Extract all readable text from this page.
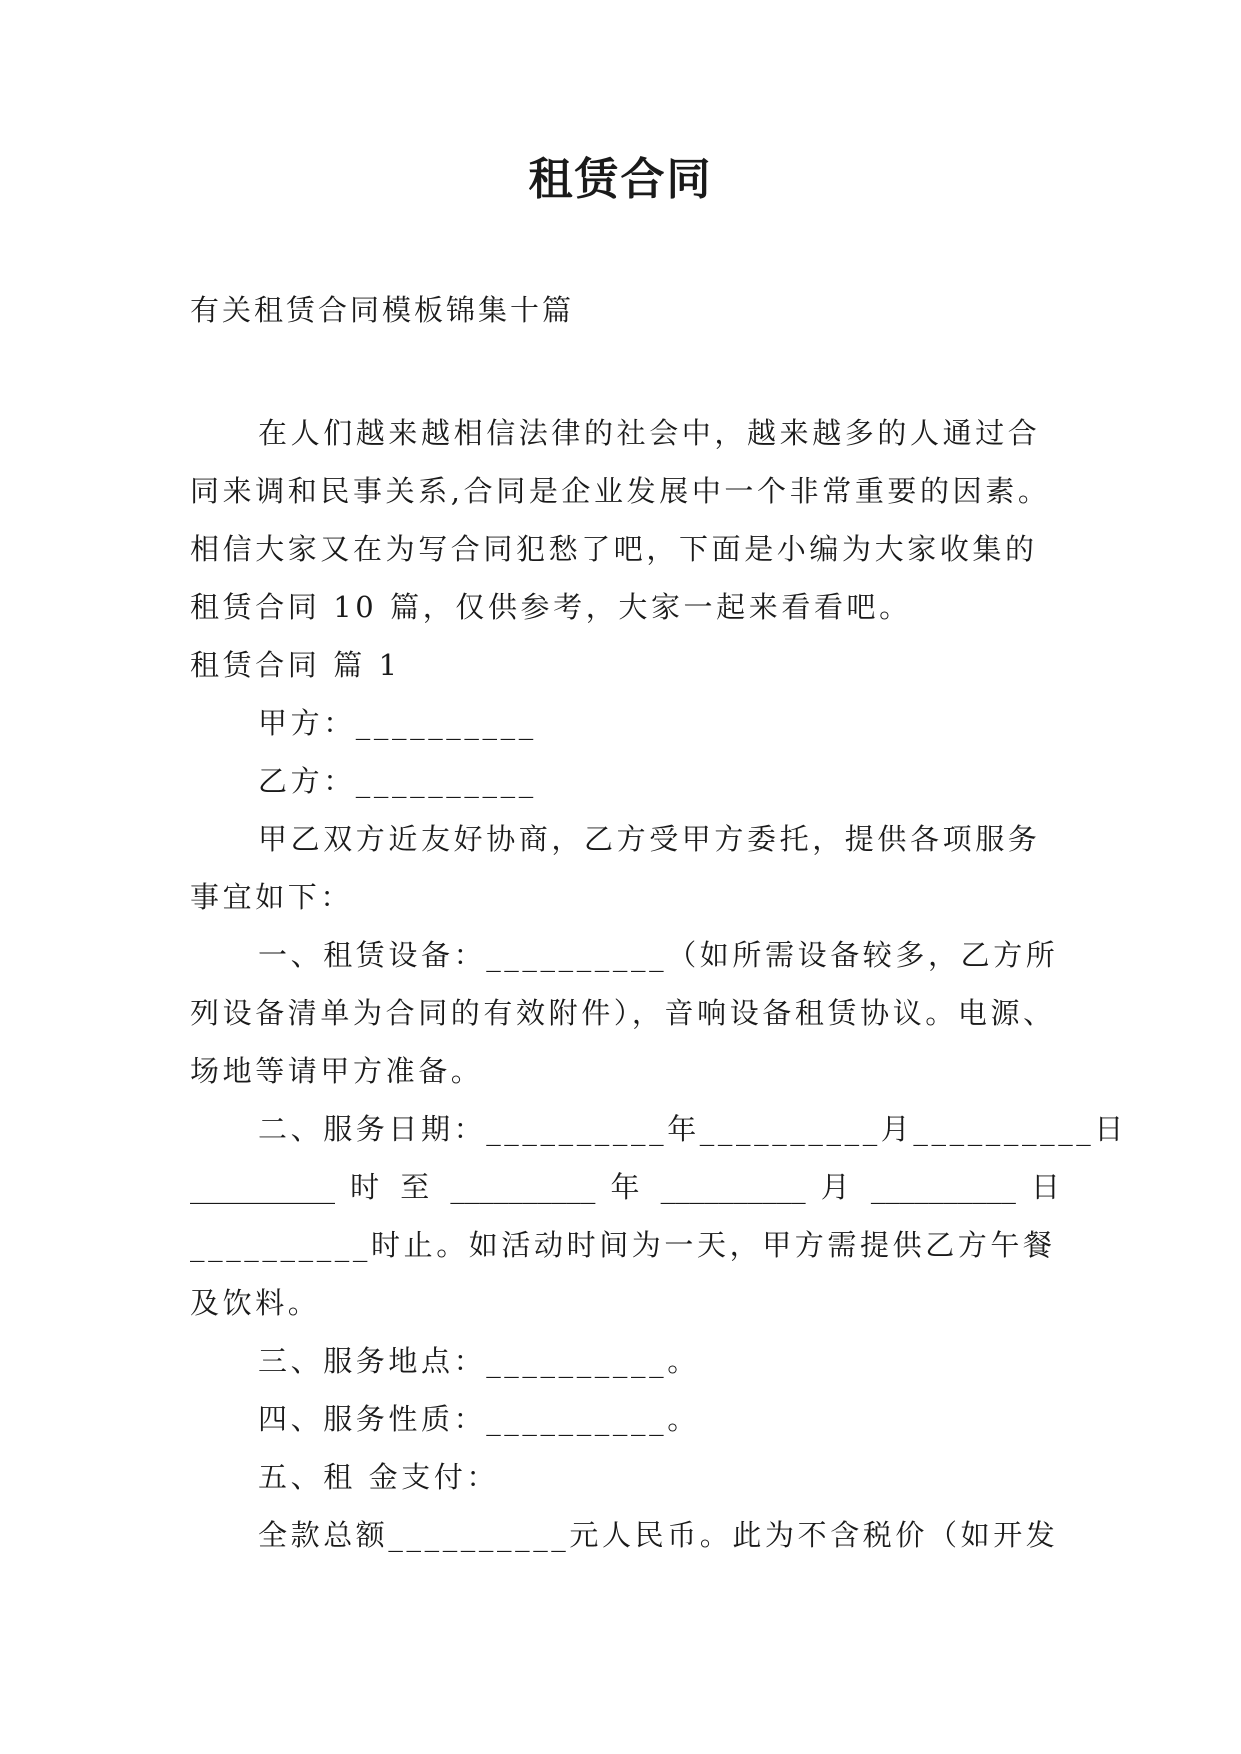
租赁合同

有关租赁合同模板锦集十篇

在人们越来越相信法律的社会中，越来越多的人通过合

同来调和民事关系,合同是企业发展中一个非常重要的因素。

相信大家又在为写合同犯愁了吧，下面是小编为大家收集的

租赁合同 10 篇，仅供参考，大家一起来看看吧。

租赁合同 篇 1

甲方：__________

乙方：__________

甲乙双方近友好协商，乙方受甲方委托，提供各项服务

事宜如下：

一、租赁设备：__________（如所需设备较多，乙方所

列设备清单为合同的有效附件），音响设备租赁协议。电源、

场地等请甲方准备。

二、服务日期：__________年__________月__________日

__________ 时 至 __________ 年 __________ 月 __________ 日

__________时止。如活动时间为一天，甲方需提供乙方午餐

及饮料。

三、服务地点：__________。

四、服务性质：__________。

五、租 金支付：

全款总额__________元人民币。此为不含税价（如开发
